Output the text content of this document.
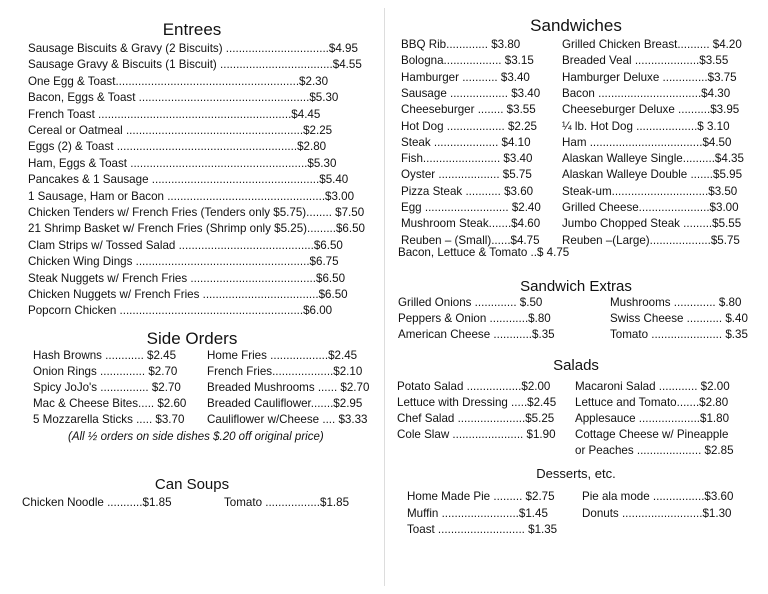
Entrees
Sausage Biscuits & Gravy (2 Biscuits) ................................$4.95
Sausage Gravy & Biscuits (1 Biscuit) ...................................$4.55
One Egg & Toast.........................................................$2.30
Bacon, Eggs & Toast .....................................................$5.30
French Toast ............................................................$4.45
Cereal or Oatmeal .......................................................$2.25
Eggs (2) & Toast ........................................................$2.80
Ham, Eggs & Toast .......................................................$5.30
Pancakes & 1 Sausage ....................................................$5.40
1 Sausage, Ham or Bacon .................................................$3.00
Chicken Tenders w/ French Fries (Tenders only $5.75)........ $7.50
21 Shrimp Basket w/ French Fries (Shrimp only $5.25).........$6.50
Clam Strips w/ Tossed Salad ..........................................$6.50
Chicken Wing Dings ......................................................$6.75
Steak Nuggets w/ French Fries .......................................$6.50
Chicken Nuggets w/ French Fries ....................................$6.50
Popcorn Chicken .........................................................$6.00
Side Orders
Hash Browns ............ $2.45
Onion Rings .............. $2.70
Spicy JoJo's ............... $2.70
Mac & Cheese Bites..... $2.60
5 Mozzarella Sticks ..... $3.70
Home Fries ..................$2.45
French Fries...................$2.10
Breaded Mushrooms ...... $2.70
Breaded Cauliflower.......$2.95
Cauliflower w/Cheese .... $3.33
(All ½ orders on side dishes $.20 off original price)
Can Soups
Chicken Noodle ...........$1.85	Tomato .................$1.85
Sandwiches
BBQ Rib............. $3.80
Bologna.................. $3.15
Hamburger ........... $3.40
Sausage .................. $3.40
Cheeseburger ........ $3.55
Hot Dog .................. $2.25
Steak .................... $4.10
Fish........................ $3.40
Oyster ................... $5.75
Pizza Steak ........... $3.60
Egg .......................... $2.40
Mushroom Steak.......$4.60
Reuben – (Small)......$4.75
Grilled Chicken Breast.......... $4.20
Breaded Veal ....................$3.55
Hamburger Deluxe ..............$3.75
Bacon ................................$4.30
Cheeseburger Deluxe ..........$3.95
¼ lb. Hot Dog ...................$ 3.10
Ham ...................................$4.50
Alaskan Walleye Single..........$4.35
Alaskan Walleye Double .......$5.95
Steak-um..............................$3.50
Grilled Cheese......................$3.00
Jumbo Chopped Steak .........$5.55
Reuben –(Large)...................$5.75
Bacon, Lettuce & Tomato ..$ 4.75
Sandwich Extras
Grilled Onions ............. $.50
Peppers & Onion ............$.80
American Cheese ............$.35
Mushrooms ............. $.80
Swiss Cheese ........... $.40
Tomato ...................... $.35
Salads
Potato Salad .................$2.00
Lettuce with Dressing .....$2.45
Chef Salad .....................$5.25
Cole Slaw ...................... $1.90
Macaroni Salad ............ $2.00
Lettuce and Tomato.......$2.80
Applesauce ...................$1.80
Cottage Cheese w/ Pineapple
or Peaches .................... $2.85
Desserts, etc.
Home Made Pie ......... $2.75
Muffin ........................$1.45
Toast ........................... $1.35
Pie ala mode ................$3.60
Donuts .........................$1.30
